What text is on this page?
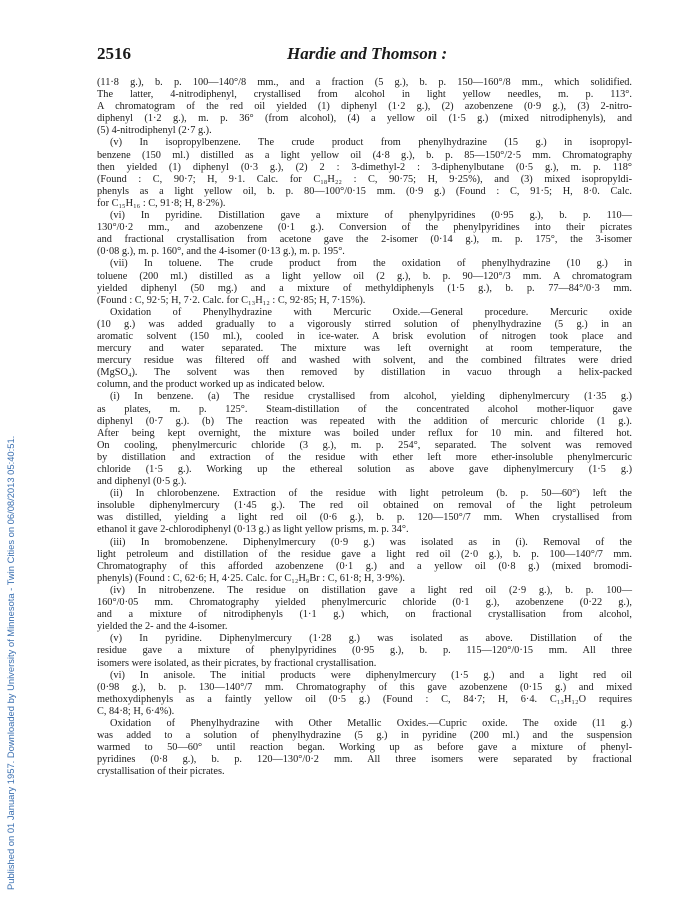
2516	Hardie and Thomson :
Published on 01 January 1957. Downloaded by University of Minnesota - Twin Cities on 06/08/2013 05:40:51.
(11·8 g.), b. p. 100—140°/8 mm., and a fraction (5 g.), b. p. 150—160°/8 mm., which solidified.
The latter, 4-nitrodiphenyl, crystallised from alcohol in light yellow needles, m. p. 113°.
A chromatogram of the red oil yielded (1) diphenyl (1·2 g.), (2) azobenzene (0·9 g.), (3) 2-nitro-
diphenyl (1·2 g.), m. p. 36° (from alcohol), (4) a yellow oil (1·5 g.) (mixed nitrodiphenyls), and
(5) 4-nitrodiphenyl (2·7 g.).
(v) In isopropylbenzene. The crude product from phenylhydrazine (15 g.) in isopropyl-
benzene (150 ml.) distilled as a light yellow oil (4·8 g.), b. p. 85—150°/2·5 mm. Chromatography
then yielded (1) diphenyl (0·3 g.), (2) 2 : 3-dimethyl-2 : 3-diphenylbutane (0·5 g.), m. p. 118°
(Found : C, 90·7; H, 9·1. Calc. for C₁₈H₂₂ : C, 90·75; H, 9·25%), and (3) mixed isopropyldi-
phenyls as a light yellow oil, b. p. 80—100°/0·15 mm. (0·9 g.) (Found : C, 91·5; H, 8·0. Calc.
for C₁₅H₁₆ : C, 91·8; H, 8·2%).
(vi) In pyridine. Distillation gave a mixture of phenylpyridines (0·95 g.), b. p. 110—
130°/0·2 mm., and azobenzene (0·1 g.). Conversion of the phenylpyridines into their picrates
and fractional crystallisation from acetone gave the 2-isomer (0·14 g.), m. p. 175°, the 3-isomer
(0·08 g.), m. p. 160°, and the 4-isomer (0·13 g.), m. p. 195°.
(vii) In toluene. The crude product from the oxidation of phenylhydrazine (10 g.) in
toluene (200 ml.) distilled as a light yellow oil (2 g.), b. p. 90—120°/3 mm. A chromatogram
yielded diphenyl (50 mg.) and a mixture of methyldiphenyls (1·5 g.), b. p. 77—84°/0·3 mm.
(Found : C, 92·5; H, 7·2. Calc. for C₁₃H₁₂ : C, 92·85; H, 7·15%).
Oxidation of Phenylhydrazine with Mercuric Oxide.—General procedure. Mercuric oxide
(10 g.) was added gradually to a vigorously stirred solution of phenylhydrazine (5 g.) in an
aromatic solvent (150 ml.), cooled in ice-water. A brisk evolution of nitrogen took place and
mercury and water separated. The mixture was left overnight at room temperature, the
mercury residue was filtered off and washed with solvent, and the combined filtrates were dried
(MgSO₄). The solvent was then removed by distillation in vacuo through a helix-packed
column, and the product worked up as indicated below.
(i) In benzene. (a) The residue crystallised from alcohol, yielding diphenylmercury (1·35 g.)
as plates, m. p. 125°. Steam-distillation of the concentrated alcohol mother-liquor gave
diphenyl (0·7 g.). (b) The reaction was repeated with the addition of mercuric chloride (1 g.).
After being kept overnight, the mixture was boiled under reflux for 10 min. and filtered hot.
On cooling, phenylmercuric chloride (3 g.), m. p. 254°, separated. The solvent was removed
by distillation and extraction of the residue with ether left more ether-insoluble phenylmercuric
chloride (1·5 g.). Working up the ethereal solution as above gave diphenylmercury (1·5 g.)
and diphenyl (0·5 g.).
(ii) In chlorobenzene. Extraction of the residue with light petroleum (b. p. 50—60°) left the
insoluble diphenylmercury (1·45 g.). The red oil obtained on removal of the light petroleum
was distilled, yielding a light red oil (0·6 g.), b. p. 120—150°/7 mm. When crystallised from
ethanol it gave 2-chlorodiphenyl (0·13 g.) as light yellow prisms, m. p. 34°.
(iii) In bromobenzene. Diphenylmercury (0·9 g.) was isolated as in (i). Removal of the
light petroleum and distillation of the residue gave a light red oil (2·0 g.), b. p. 100—140°/7 mm.
Chromatography of this afforded azobenzene (0·1 g.) and a yellow oil (0·8 g.) (mixed bromodi-
phenyls) (Found : C, 62·6; H, 4·25. Calc. for C₁₂H₉Br : C, 61·8; H, 3·9%).
(iv) In nitrobenzene. The residue on distillation gave a light red oil (2·9 g.), b. p. 100—
160°/0·05 mm. Chromatography yielded phenylmercuric chloride (0·1 g.), azobenzene (0·22 g.),
and a mixture of nitrodiphenyls (1·1 g.) which, on fractional crystallisation from alcohol,
yielded the 2- and the 4-isomer.
(v) In pyridine. Diphenylmercury (1·28 g.) was isolated as above. Distillation of the
residue gave a mixture of phenylpyridines (0·95 g.), b. p. 115—120°/0·15 mm. All three
isomers were isolated, as their picrates, by fractional crystallisation.
(vi) In anisole. The initial products were diphenylmercury (1·5 g.) and a light red oil
(0·98 g.), b. p. 130—140°/7 mm. Chromatography of this gave azobenzene (0·15 g.) and mixed
methoxydiphenyls as a faintly yellow oil (0·5 g.) (Found : C, 84·7; H, 6·4. C₁₃H₁₂O requires
C, 84·8; H, 6·4%).
Oxidation of Phenylhydrazine with Other Metallic Oxides.—Cupric oxide. The oxide (11 g.)
was added to a solution of phenylhydrazine (5 g.) in pyridine (200 ml.) and the suspension
warmed to 50—60° until reaction began. Working up as before gave a mixture of phenyl-
pyridines (0·8 g.), b. p. 120—130°/0·2 mm. All three isomers were separated by fractional
crystallisation of their picrates.
